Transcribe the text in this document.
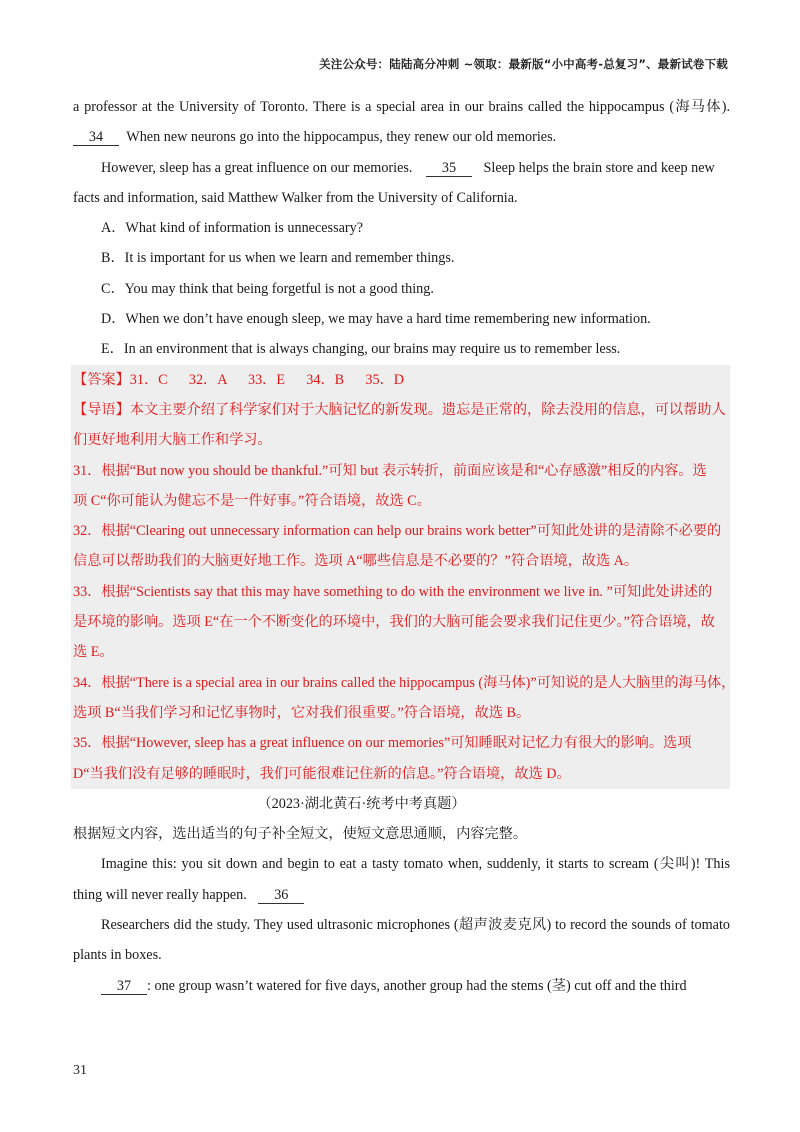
关注公众号：陆陆高分冲刺 ~领取：最新版“小中高考-总复习”、最新试卷下载
a professor at the University of Toronto. There is a special area in our brains called the hippocampus (海马体).
34 When new neurons go into the hippocampus, they renew our old memories.
However, sleep has a great influence on our memories. 35 Sleep helps the brain store and keep new
facts and information, said Matthew Walker from the University of California.
A．What kind of information is unnecessary?
B．It is important for us when we learn and remember things.
C．You may think that being forgetful is not a good thing.
D．When we don’t have enough sleep, we may have a hard time remembering new information.
E．In an environment that is always changing, our brains may require us to remember less.
【答案】31．C      32．A      33．E      34．B      35．D
【导语】本文主要介绍了科学家们对于大脑记忆的新发现。遗忘是正常的，除去没用的信息，可以帮助人
们更好地利用大脑工作和学习。
31．根据“But now you should be thankful.”可知 but 表示转折，前面应该是和“心存感激”相反的内容。选
项 C“你可能认为健忘不是一件好事。”符合语境，故选 C。
32．根据“Clearing out unnecessary information can help our brains work better”可知此处讲的是清除不必要的
信息可以帮助我们的大脑更好地工作。选项 A“哪些信息是不必要的？”符合语境，故选 A。
33．根据“Scientists say that this may have something to do with the environment we live in. ”可知此处讲述的
是环境的影响。选项 E“在一个不断变化的环境中，我们的大脑可能会要求我们记住更少。”符合语境，故
选 E。
34．根据“There is a special area in our brains called the hippocampus (海马体)”可知说的是人大脑里的海马体，
选项 B“当我们学习和记忆事物时，它对我们很重要。”符合语境，故选 B。
35．根据“However, sleep has a great influence on our memories”可知睡眠对记忆力有很大的影响。选项
D“当我们没有足够的睡眠时，我们可能很难记住新的信息。”符合语境，故选 D。
（2023·湖北黄石·统考中考真题）
根据短文内容，选出适当的句子补全短文，使短文意思通顺，内容完整。
Imagine this: you sit down and begin to eat a tasty tomato when, suddenly, it starts to scream (尖叫)! This
thing will never really happen. 36
Researchers did the study. They used ultrasonic microphones (超声波麦克风) to record the sounds of tomato
plants in boxes.
37 : one group wasn’t watered for five days, another group had the stems (茎) cut off and the third
31
